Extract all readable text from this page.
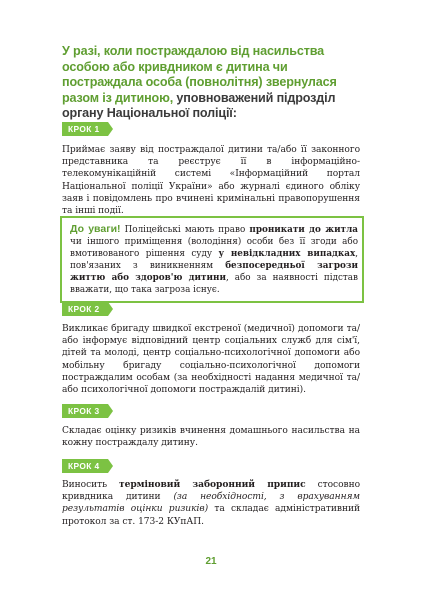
У разі, коли постраждалою від насильства особою або кривдником є дитина чи постраждала особа (повнолітня) звернулася разом із дитиною, уповноважений підрозділ органу Національної поліції:
КРОК 1
Приймає заяву від постраждалої дитини та/або її законного представника та реєструє її в інформаційно-телекомунікаційній системі «Інформаційний портал Національної поліції України» або журналі єдиного обліку заяв і повідомлень про вчинені кримінальні правопорушення та інші події.
До уваги! Поліцейські мають право проникати до житла чи іншого приміщення (володіння) особи без її згоди або вмотивованого рішення суду у невідкладних випадках, пов'язаних з виникненням безпосередньої загрози життю або здоров'ю дитини, або за наявності підстав вважати, що така загроза існує.
КРОК 2
Викликає бригаду швидкої екстреної (медичної) допомоги та/або інформує відповідний центр соціальних служб для сім'ї, дітей та молоді, центр соціально-психологічної допомоги або мобільну бригаду соціально-психологічної допомоги постраждалим особам (за необхідності надання медичної та/або психологічної допомоги постраждалій дитині).
КРОК 3
Складає оцінку ризиків вчинення домашнього насильства на кожну постраждалу дитину.
КРОК 4
Виносить терміновий заборонний припис стосовно кривдника дитини (за необхідності, з врахуванням результатів оцінки ризиків) та складає адміністративний протокол за ст. 173-2 КУпАП.
21
